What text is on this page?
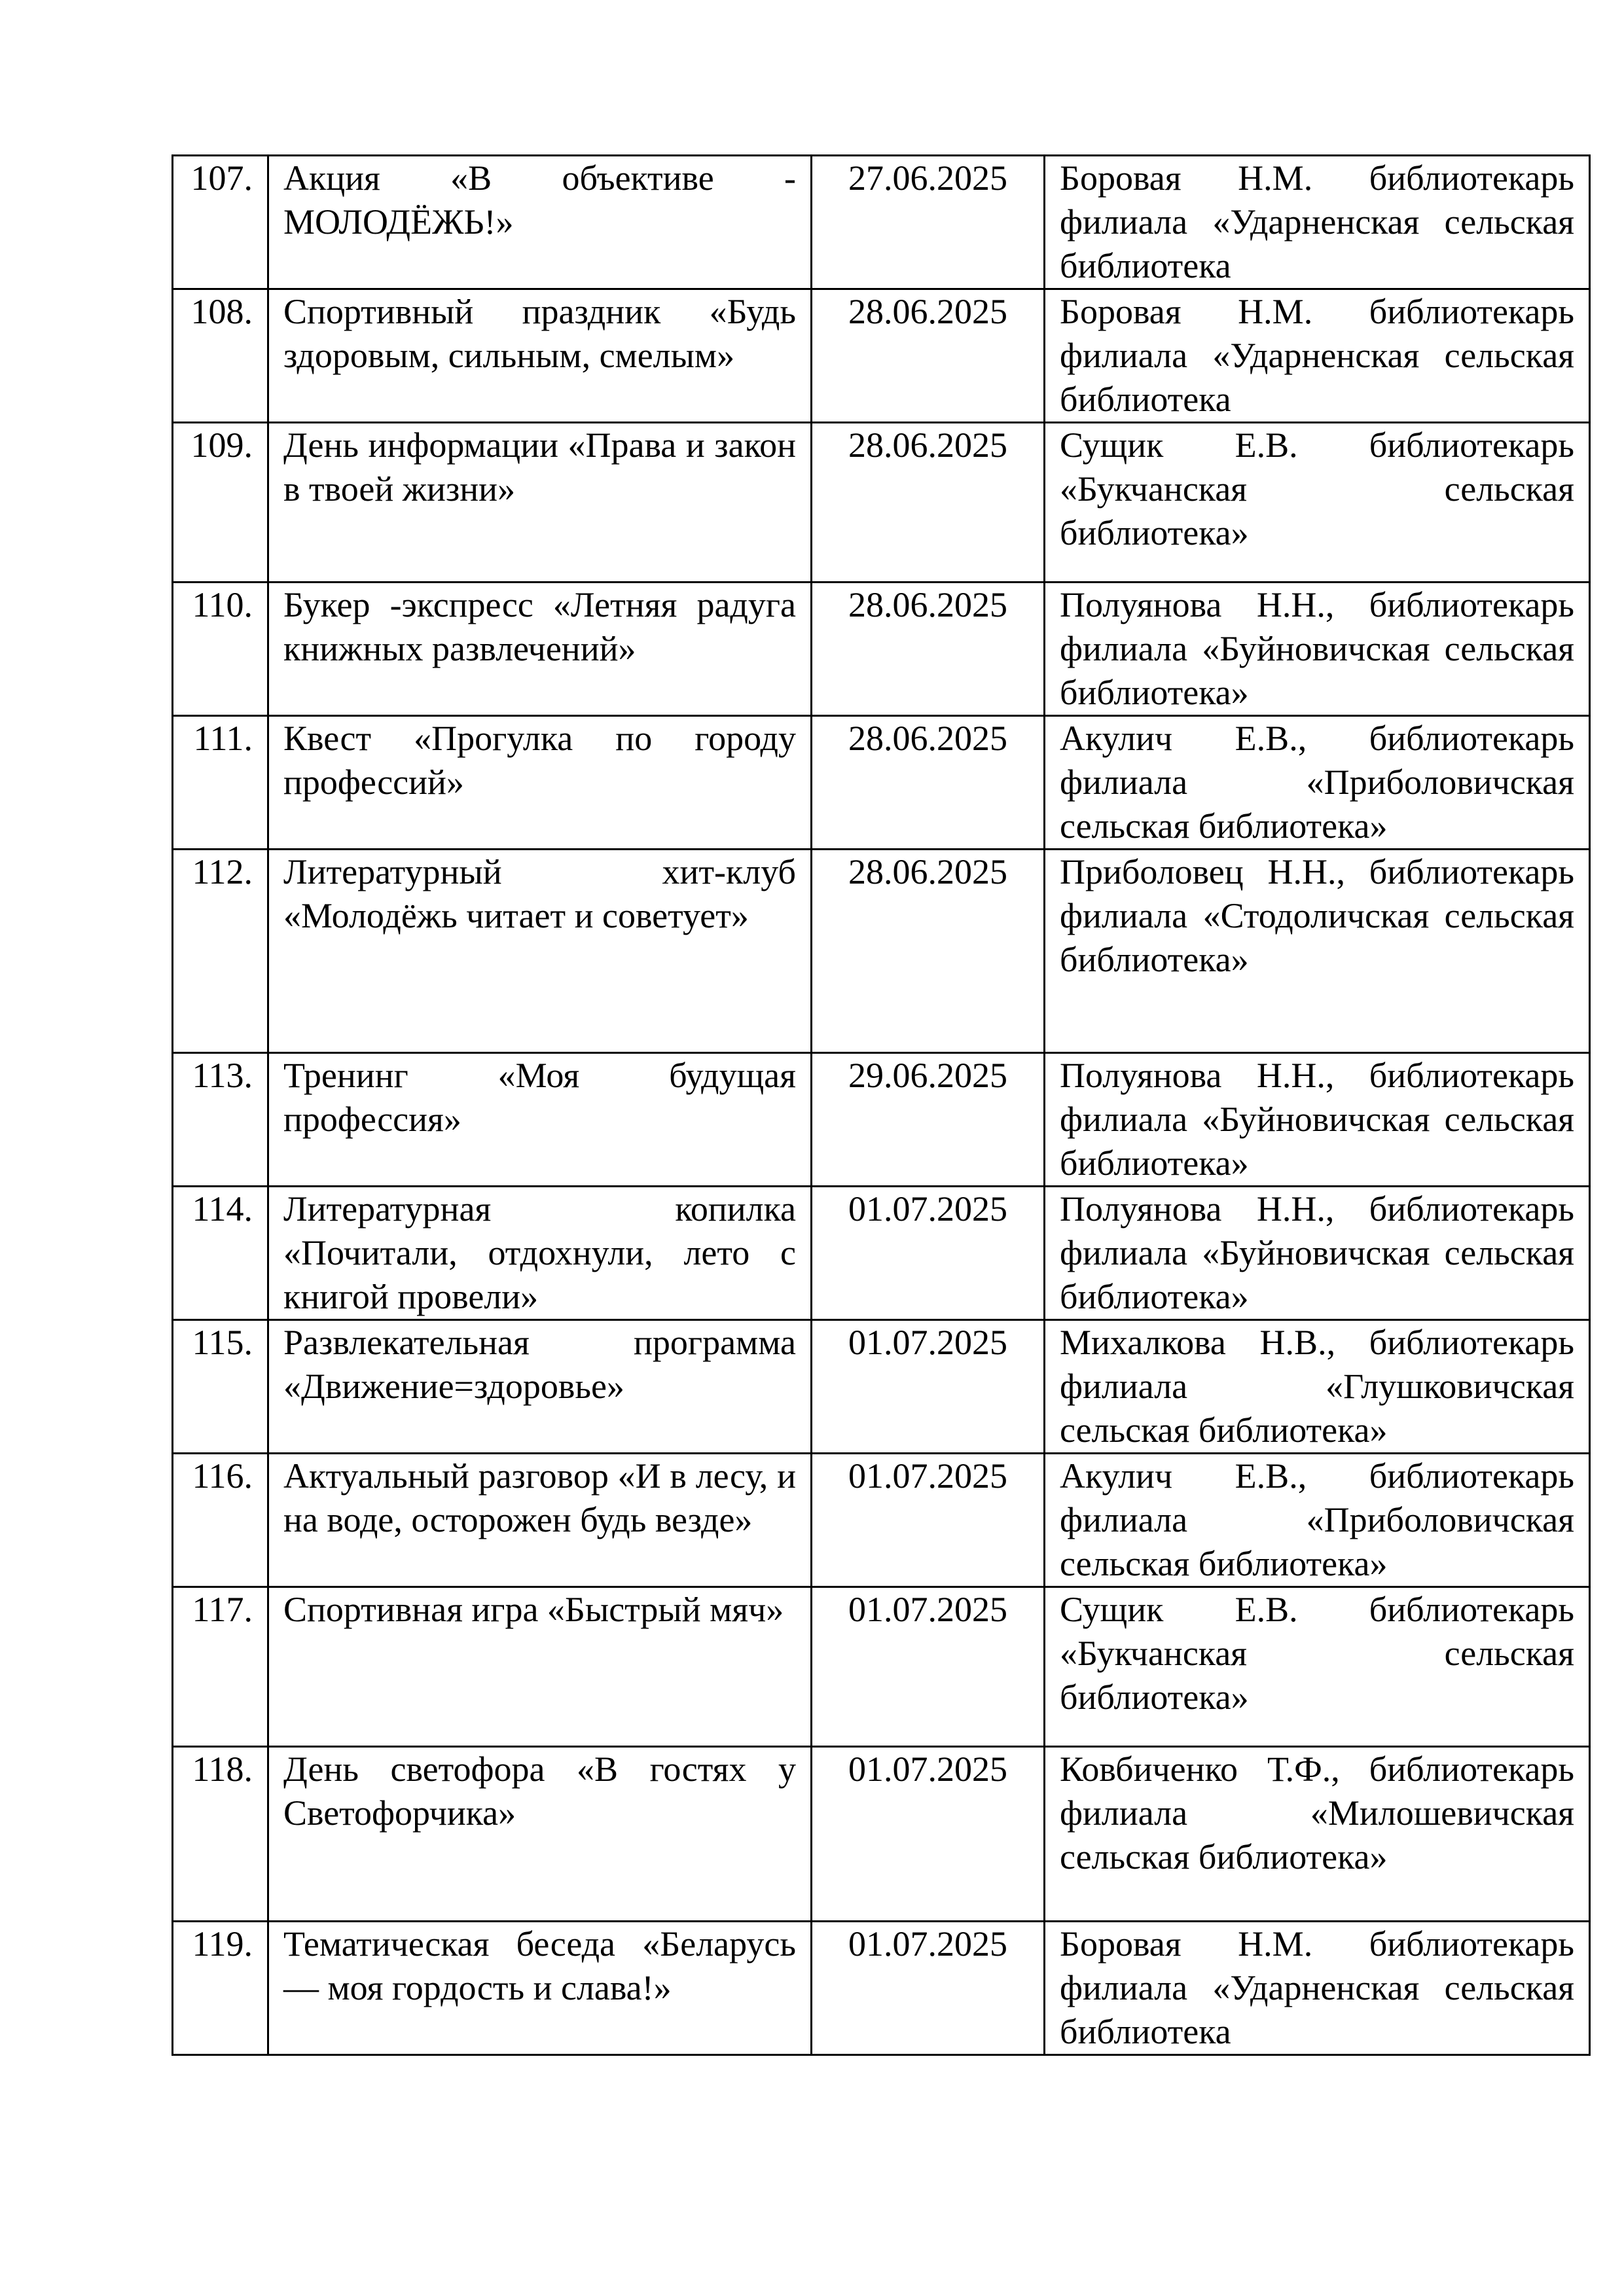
107.	Акция «В объективе - МОЛОДЁЖЬ!»	27.06.2025	Боровая Н.М. библиотекарь филиала «Ударненская сельская библиотека
108.	Спортивный праздник «Будь здоровым, сильным, смелым»	28.06.2025	Боровая Н.М. библиотекарь филиала «Ударненская сельская библиотека
109.	День информации «Права и закон в твоей жизни»	28.06.2025	Сущик Е.В. библиотекарь «Букчанская сельская библиотека»
110.	Букер -экспресс «Летняя радуга книжных развлечений»	28.06.2025	Полуянова Н.Н., библиотекарь филиала «Буйновичская сельская библиотека»
111.	Квест «Прогулка по городу профессий»	28.06.2025	Акулич Е.В., библиотекарь филиала «Приболовичская сельская библиотека»
112.	Литературный хит-клуб «Молодёжь читает и советует»	28.06.2025	Приболовец Н.Н., библиотекарь филиала «Стодоличская сельская библиотека»
113.	Тренинг «Моя будущая профессия»	29.06.2025	Полуянова Н.Н., библиотекарь филиала «Буйновичская сельская библиотека»
114.	Литературная копилка «Почитали, отдохнули, лето с книгой провели»	01.07.2025	Полуянова Н.Н., библиотекарь филиала «Буйновичская сельская библиотека»
115.	Развлекательная программа «Движение=здоровье»	01.07.2025	Михалкова Н.В., библиотекарь филиала «Глушковичская сельская библиотека»
116.	Актуальный разговор «И в лесу, и на воде, осторожен будь везде»	01.07.2025	Акулич Е.В., библиотекарь филиала «Приболовичская сельская библиотека»
117.	Спортивная игра «Быстрый мяч»	01.07.2025	Сущик Е.В. библиотекарь «Букчанская сельская библиотека»
118.	День светофора «В гостях у Светофорчика»	01.07.2025	Ковбиченко Т.Ф., библиотекарь филиала «Милошевичская сельская библиотека»
119.	Тематическая беседа «Беларусь — моя гордость и слава!»	01.07.2025	Боровая Н.М. библиотекарь филиала «Ударненская сельская библиотека
